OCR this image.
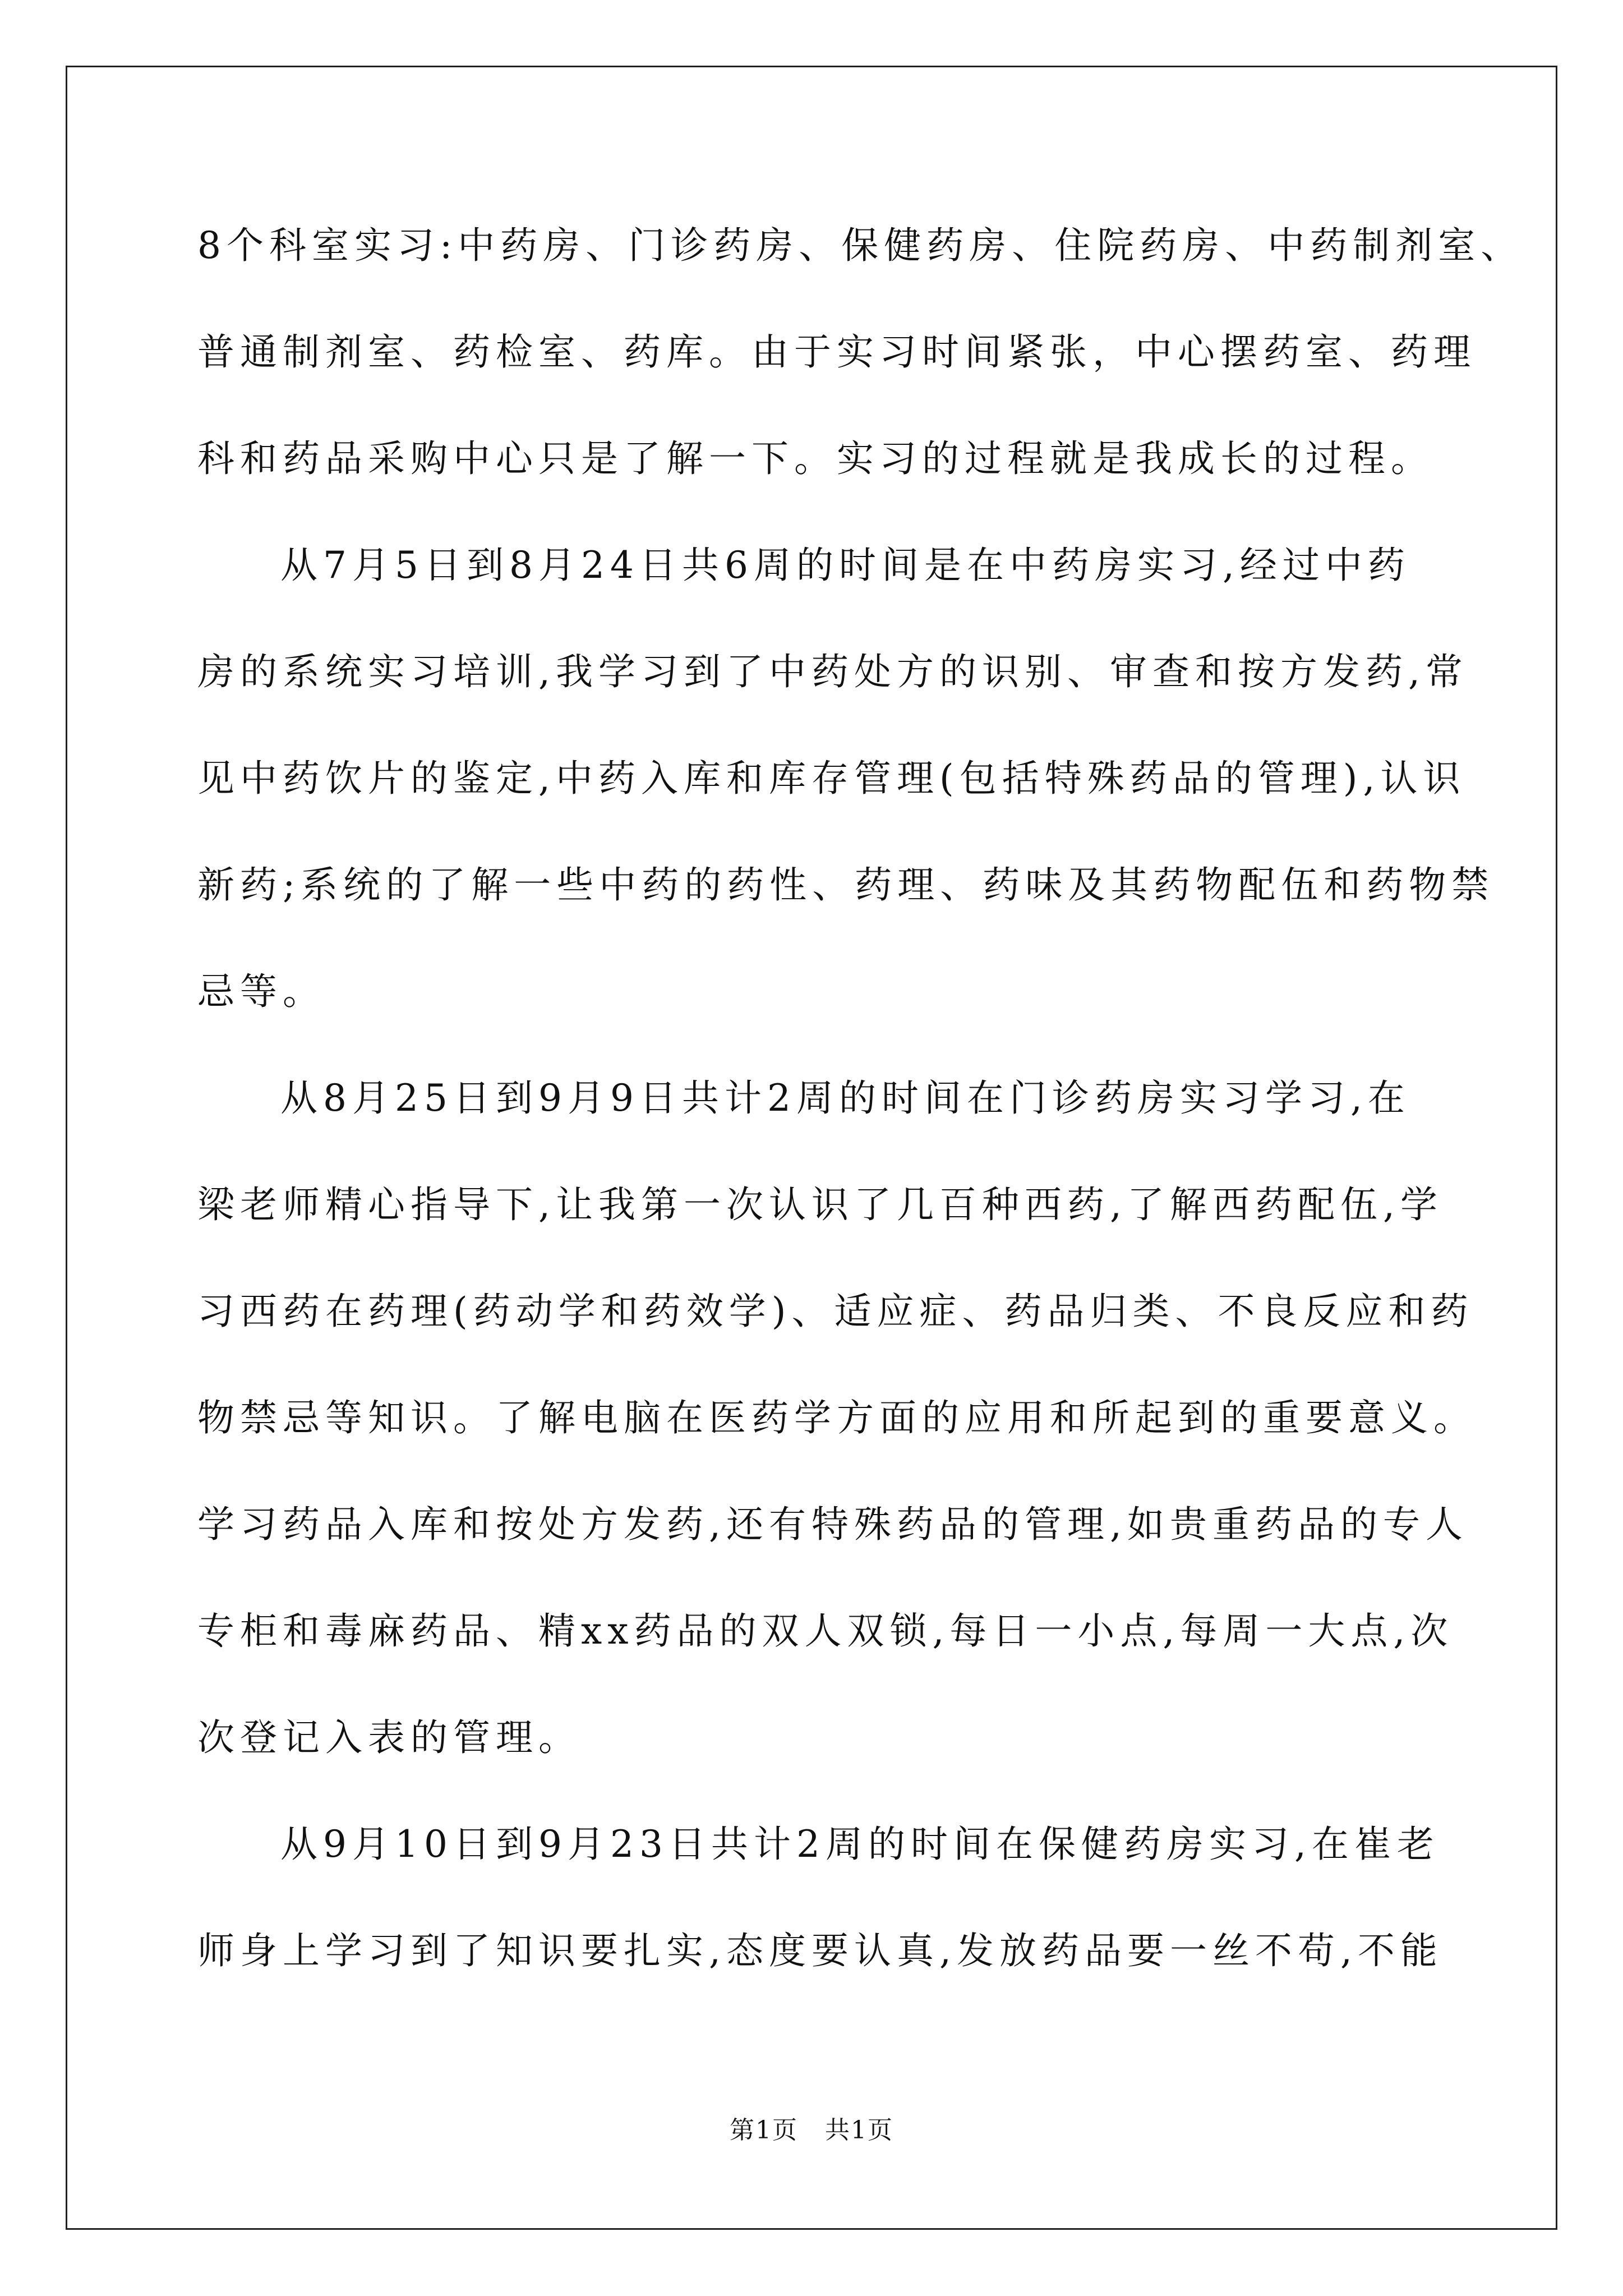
8个科室实习:中药房、门诊药房、保健药房、住院药房、中药制剂室、
普通制剂室、药检室、药库。由于实习时间紧张，中心摆药室、药理
科和药品采购中心只是了解一下。实习的过程就是我成长的过程。
从7月5日到8月24日共6周的时间是在中药房实习,经过中药
房的系统实习培训,我学习到了中药处方的识别、审查和按方发药,常
见中药饮片的鉴定,中药入库和库存管理(包括特殊药品的管理),认识
新药;系统的了解一些中药的药性、药理、药味及其药物配伍和药物禁
忌等。
从8月25日到9月9日共计2周的时间在门诊药房实习学习,在
梁老师精心指导下,让我第一次认识了几百种西药,了解西药配伍,学
习西药在药理(药动学和药效学)、适应症、药品归类、不良反应和药
物禁忌等知识。了解电脑在医药学方面的应用和所起到的重要意义。
学习药品入库和按处方发药,还有特殊药品的管理,如贵重药品的专人
专柜和毒麻药品、精xx药品的双人双锁,每日一小点,每周一大点,次
次登记入表的管理。
从9月10日到9月23日共计2周的时间在保健药房实习,在崔老
师身上学习到了知识要扎实,态度要认真,发放药品要一丝不苟,不能
第1页 共1页
